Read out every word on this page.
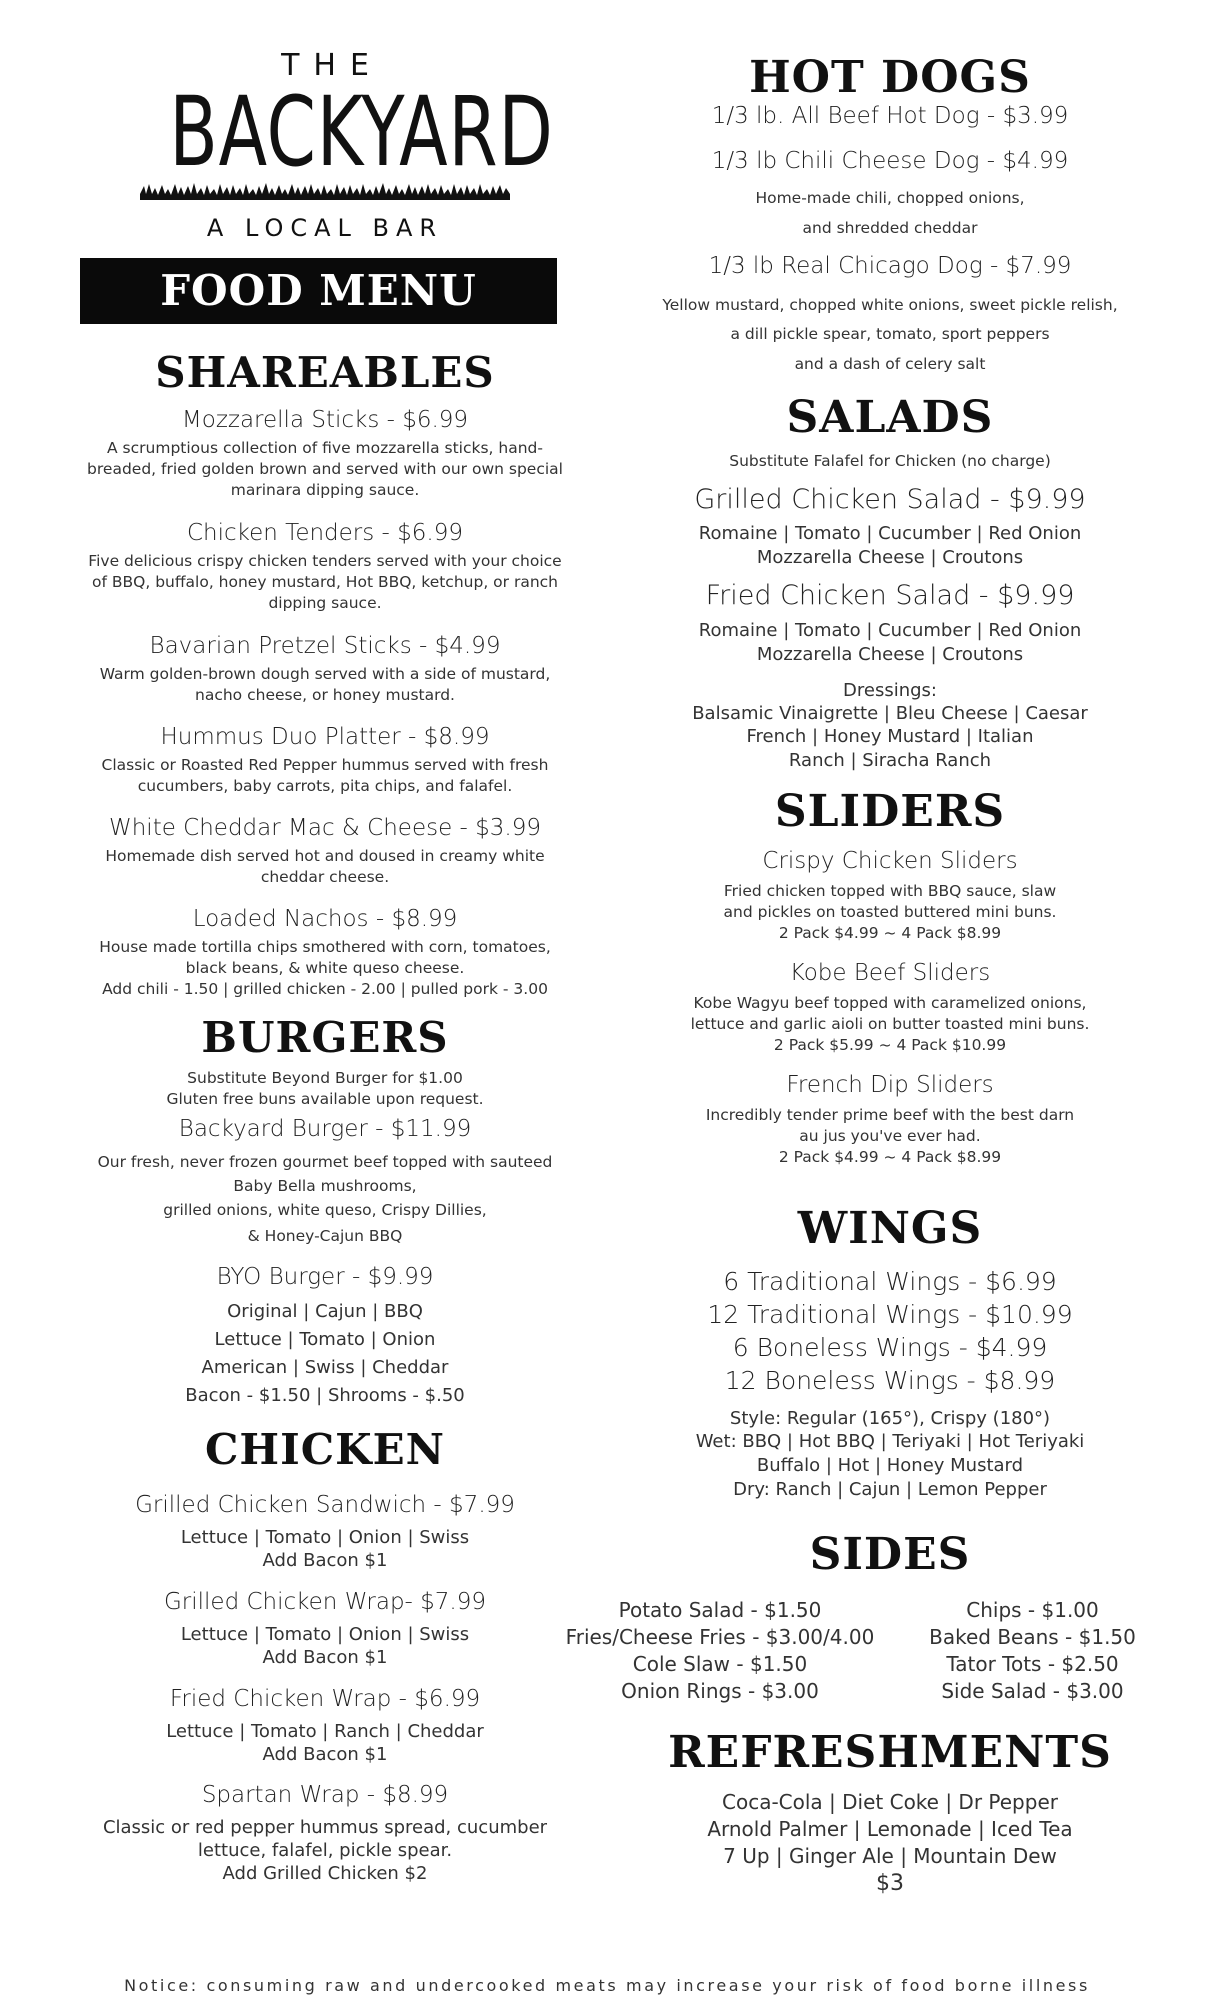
THE
BACKYARD
A LOCAL BAR
FOOD MENU
SHAREABLES
Mozzarella Sticks - $6.99
A scrumptious collection of five mozzarella sticks, hand-breaded, fried golden brown and served with our own special marinara dipping sauce.
Chicken Tenders - $6.99
Five delicious crispy chicken tenders served with your choice of BBQ, buffalo, honey mustard, Hot BBQ, ketchup, or ranch dipping sauce.
Bavarian Pretzel Sticks - $4.99
Warm golden-brown dough served with a side of mustard, nacho cheese, or honey mustard.
Hummus Duo Platter - $8.99
Classic or Roasted Red Pepper hummus served with fresh cucumbers, baby carrots, pita chips, and falafel.
White Cheddar Mac & Cheese - $3.99
Homemade dish served hot and doused in creamy white cheddar cheese.
Loaded Nachos - $8.99
House made tortilla chips smothered with corn, tomatoes, black beans, & white queso cheese.
Add chili - 1.50 | grilled chicken - 2.00 | pulled pork - 3.00
BURGERS
Substitute Beyond Burger for $1.00
Gluten free buns available upon request.
Backyard Burger - $11.99
Our fresh, never frozen gourmet beef topped with sauteed
Baby Bella mushrooms,
grilled onions, white queso, Crispy Dillies,
& Honey-Cajun BBQ
BYO Burger - $9.99
Original | Cajun | BBQ
Lettuce | Tomato | Onion
American | Swiss | Cheddar
Bacon - $1.50 | Shrooms - $.50
CHICKEN
Grilled Chicken Sandwich - $7.99
Lettuce | Tomato | Onion | Swiss
Add Bacon $1
Grilled Chicken Wrap- $7.99
Lettuce | Tomato | Onion | Swiss
Add Bacon $1
Fried Chicken Wrap - $6.99
Lettuce | Tomato | Ranch | Cheddar
Add Bacon $1
Spartan Wrap - $8.99
Classic or red pepper hummus spread, cucumber
lettuce, falafel, pickle spear.
Add Grilled Chicken $2
HOT DOGS
1/3 lb. All Beef Hot Dog - $3.99
1/3 lb Chili Cheese Dog - $4.99
Home-made chili, chopped onions,
and shredded cheddar
1/3 lb Real Chicago Dog - $7.99
Yellow mustard, chopped white onions, sweet pickle relish,
a dill pickle spear, tomato, sport peppers
and a dash of celery salt
SALADS
Substitute Falafel for Chicken (no charge)
Grilled Chicken Salad - $9.99
Romaine | Tomato | Cucumber | Red Onion
Mozzarella Cheese | Croutons
Fried Chicken Salad - $9.99
Romaine | Tomato | Cucumber | Red Onion
Mozzarella Cheese | Croutons
Dressings:
Balsamic Vinaigrette | Bleu Cheese | Caesar
French | Honey Mustard | Italian
Ranch | Siracha Ranch
SLIDERS
Crispy Chicken Sliders
Fried chicken topped with BBQ sauce, slaw
and pickles on toasted buttered mini buns.
2 Pack $4.99 ~ 4 Pack $8.99
Kobe Beef Sliders
Kobe Wagyu beef topped with caramelized onions,
lettuce and garlic aioli on butter toasted mini buns.
2 Pack $5.99 ~ 4 Pack $10.99
French Dip Sliders
Incredibly tender prime beef with the best darn
au jus you've ever had.
2 Pack $4.99 ~ 4 Pack $8.99
WINGS
6 Traditional Wings - $6.99
12 Traditional Wings - $10.99
6 Boneless Wings - $4.99
12 Boneless Wings - $8.99
Style: Regular (165°), Crispy (180°)
Wet: BBQ | Hot BBQ | Teriyaki | Hot Teriyaki
Buffalo | Hot | Honey Mustard
Dry: Ranch | Cajun | Lemon Pepper
SIDES
REFRESHMENTS
Coca-Cola | Diet Coke | Dr Pepper
Arnold Palmer | Lemonade | Iced Tea
7 Up | Ginger Ale | Mountain Dew
$3
Potato Salad - $1.50
Fries/Cheese Fries - $3.00/4.00
Cole Slaw - $1.50
Onion Rings - $3.00
Chips - $1.00
Baked Beans - $1.50
Tator Tots - $2.50
Side Salad - $3.00
Notice: consuming raw and undercooked meats may increase your risk of food borne illness
